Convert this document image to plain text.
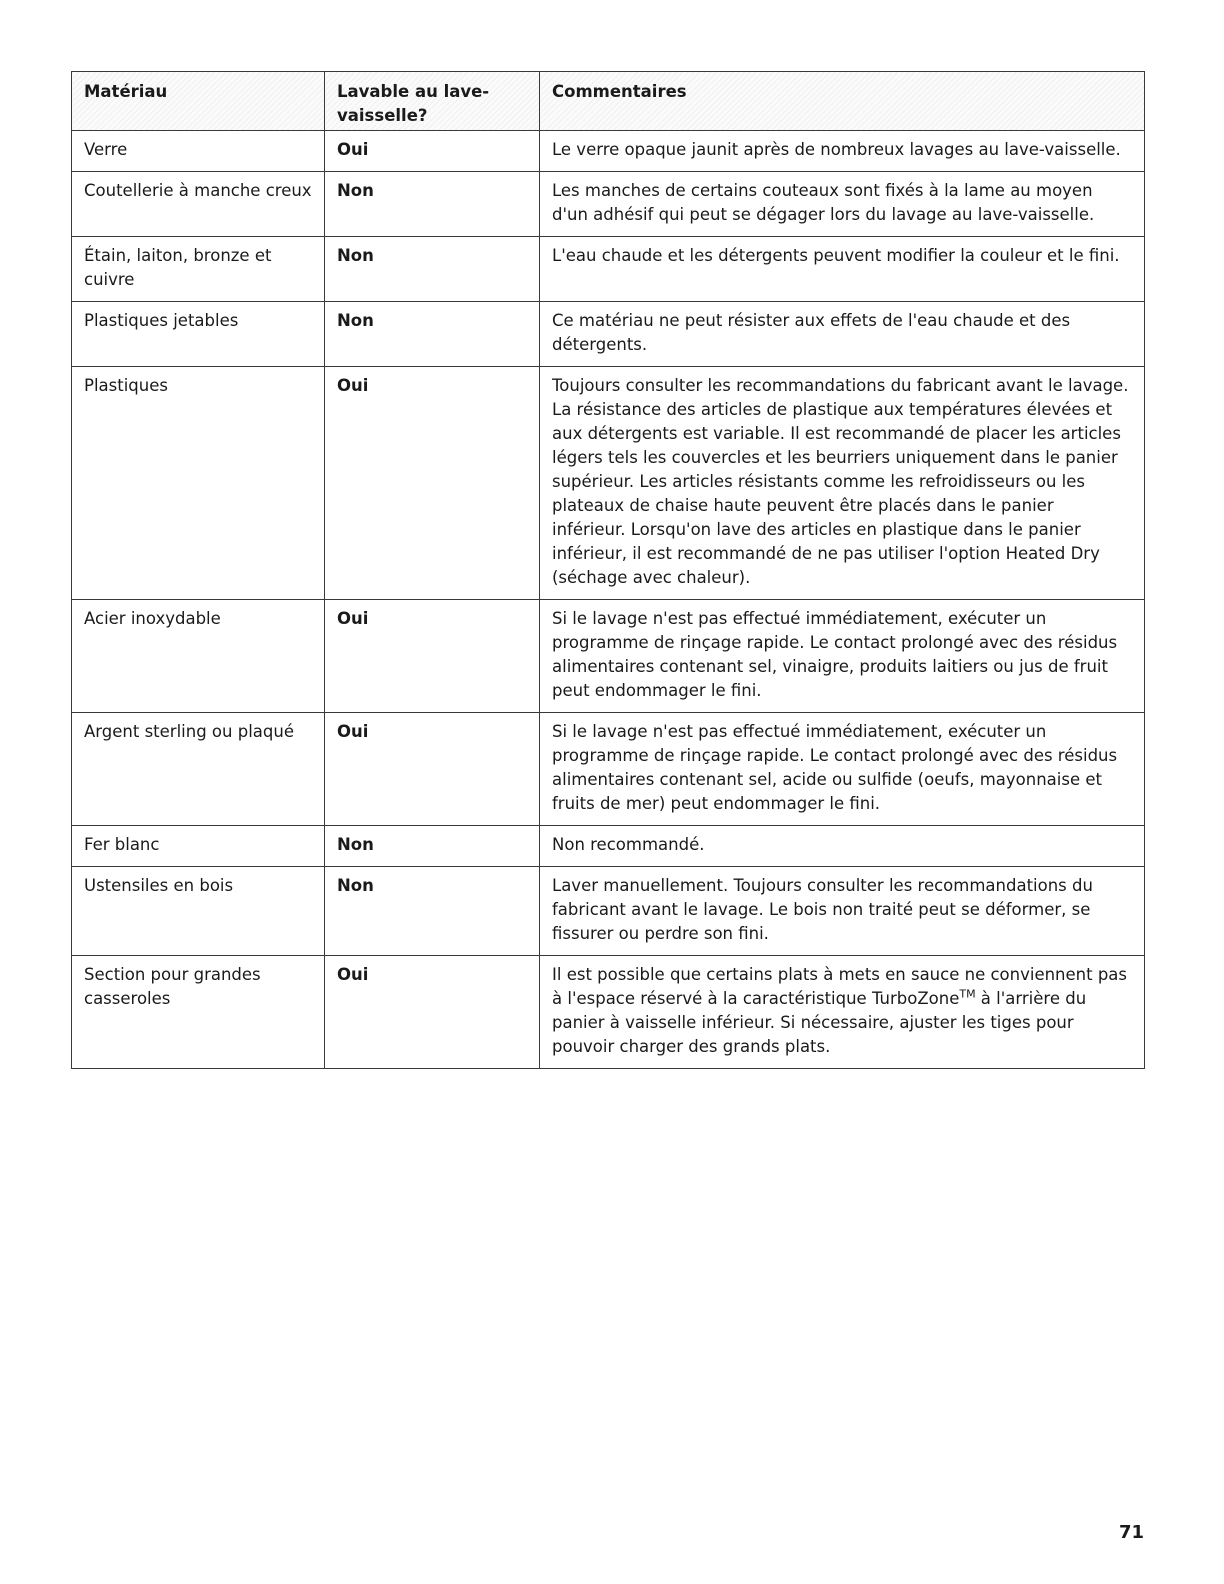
Matériau	Lavable au lave-vaisselle?	Commentaires
Verre	Oui	Le verre opaque jaunit après de nombreux lavages au lave-vaisselle.
Coutellerie à manche creux	Non	Les manches de certains couteaux sont fixés à la lame au moyen d'un adhésif qui peut se dégager lors du lavage au lave-vaisselle.
Étain, laiton, bronze et cuivre	Non	L'eau chaude et les détergents peuvent modifier la couleur et le fini.
Plastiques jetables	Non	Ce matériau ne peut résister aux effets de l'eau chaude et des détergents.
Plastiques	Oui	Toujours consulter les recommandations du fabricant avant le lavage. La résistance des articles de plastique aux températures élevées et aux détergents est variable. Il est recommandé de placer les articles légers tels les couvercles et les beurriers uniquement dans le panier supérieur. Les articles résistants comme les refroidisseurs ou les plateaux de chaise haute peuvent être placés dans le panier inférieur. Lorsqu'on lave des articles en plastique dans le panier inférieur, il est recommandé de ne pas utiliser l'option Heated Dry (séchage avec chaleur).
Acier inoxydable	Oui	Si le lavage n'est pas effectué immédiatement, exécuter un programme de rinçage rapide. Le contact prolongé avec des résidus alimentaires contenant sel, vinaigre, produits laitiers ou jus de fruit peut endommager le fini.
Argent sterling ou plaqué	Oui	Si le lavage n'est pas effectué immédiatement, exécuter un programme de rinçage rapide. Le contact prolongé avec des résidus alimentaires contenant sel, acide ou sulfide (oeufs, mayonnaise et fruits de mer) peut endommager le fini.
Fer blanc	Non	Non recommandé.
Ustensiles en bois	Non	Laver manuellement. Toujours consulter les recommandations du fabricant avant le lavage. Le bois non traité peut se déformer, se fissurer ou perdre son fini.
Section pour grandes casseroles	Oui	Il est possible que certains plats à mets en sauce ne conviennent pas à l'espace réservé à la caractéristique TurboZone™ à l'arrière du panier à vaisselle inférieur. Si nécessaire, ajuster les tiges pour pouvoir charger des grands plats.
71
